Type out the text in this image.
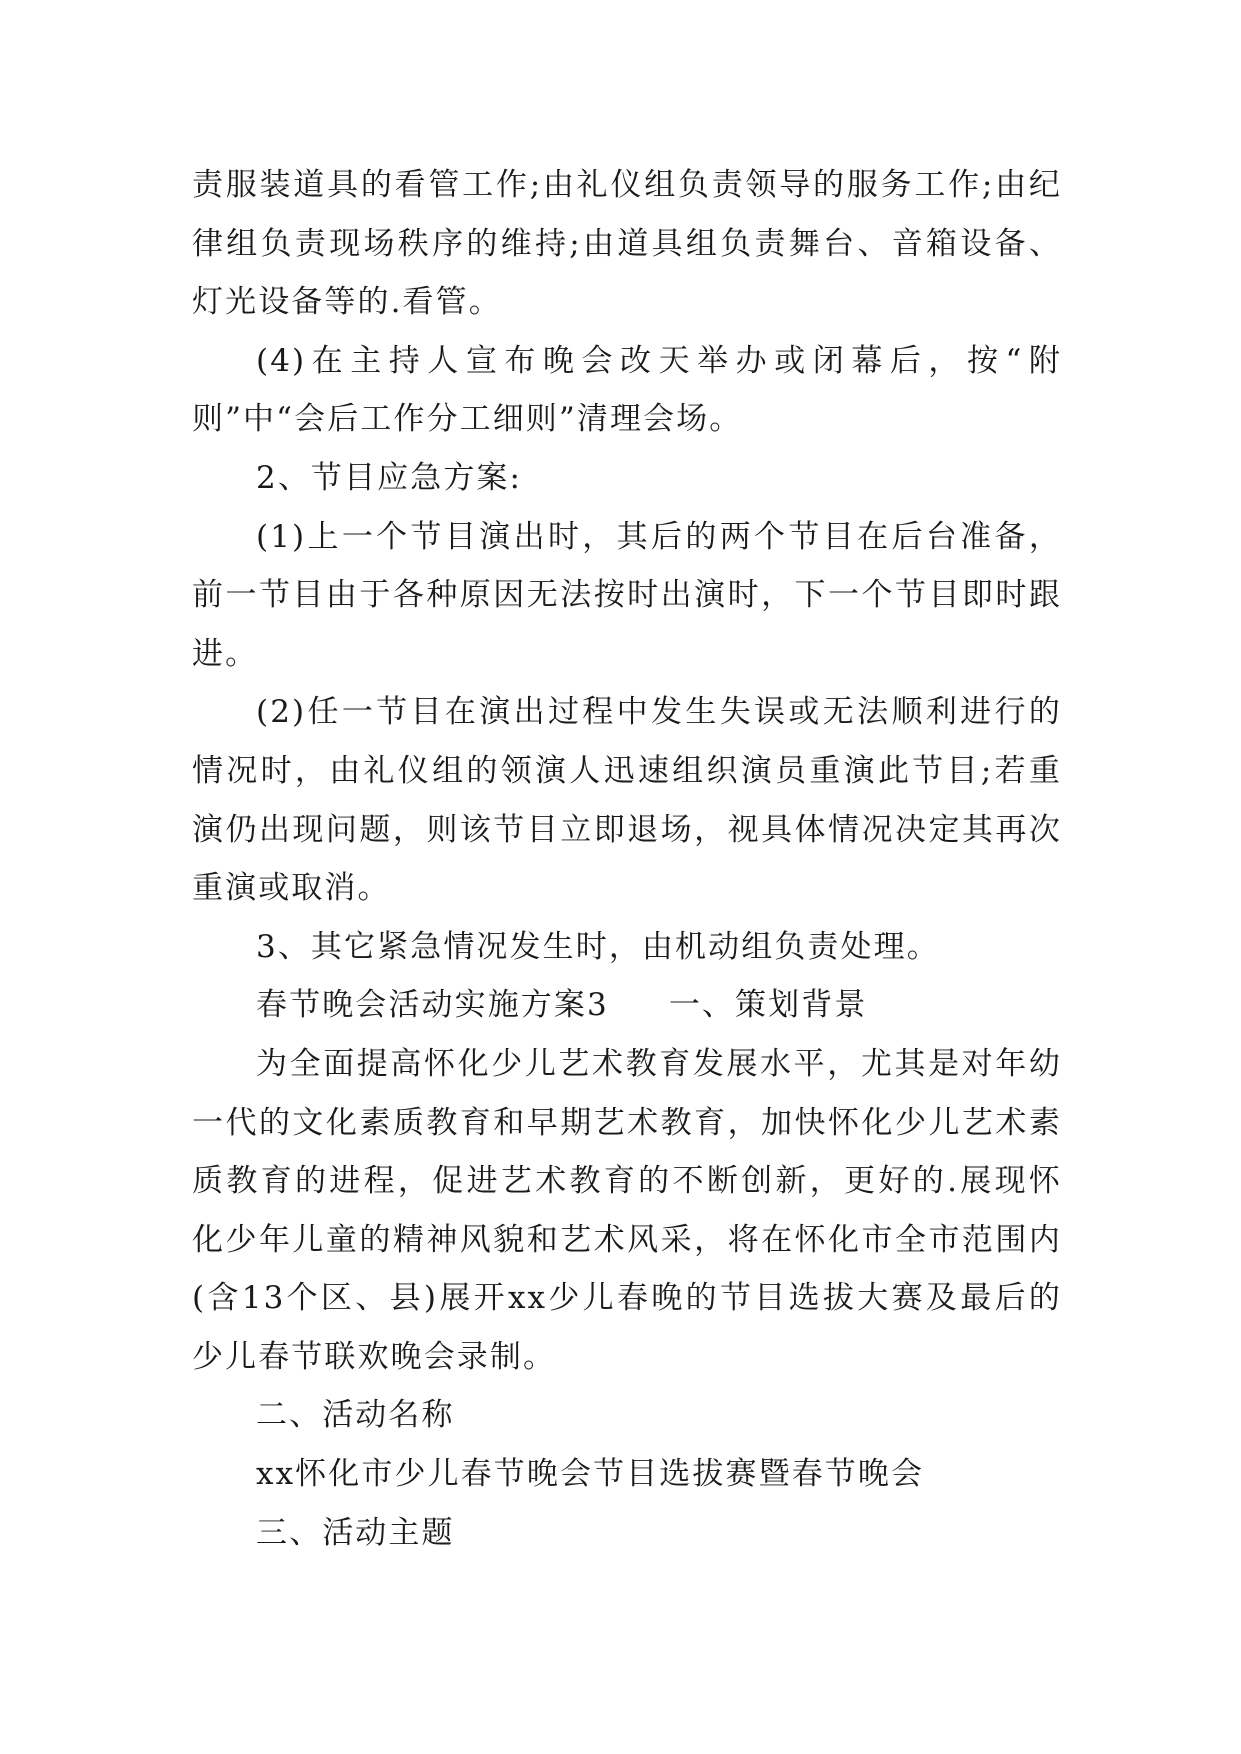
责服装道具的看管工作;由礼仪组负责领导的服务工作;由纪律组负责现场秩序的维持;由道具组负责舞台、音箱设备、灯光设备等的.看管。

(4)在主持人宣布晚会改天举办或闭幕后，按“附则”中“会后工作分工细则”清理会场。

2、节目应急方案:

(1)上一个节目演出时，其后的两个节目在后台准备，前一节目由于各种原因无法按时出演时，下一个节目即时跟进。

(2)任一节目在演出过程中发生失误或无法顺利进行的情况时，由礼仪组的领演人迅速组织演员重演此节目;若重演仍出现问题，则该节目立即退场，视具体情况决定其再次重演或取消。

3、其它紧急情况发生时，由机动组负责处理。

春节晚会活动实施方案3 一、策划背景

为全面提高怀化少儿艺术教育发展水平，尤其是对年幼一代的文化素质教育和早期艺术教育，加快怀化少儿艺术素质教育的进程，促进艺术教育的不断创新，更好的.展现怀化少年儿童的精神风貌和艺术风采，将在怀化市全市范围内(含13个区、县)展开xx少儿春晚的节目选拔大赛及最后的少儿春节联欢晚会录制。

二、活动名称

xx怀化市少儿春节晚会节目选拔赛暨春节晚会

三、活动主题
